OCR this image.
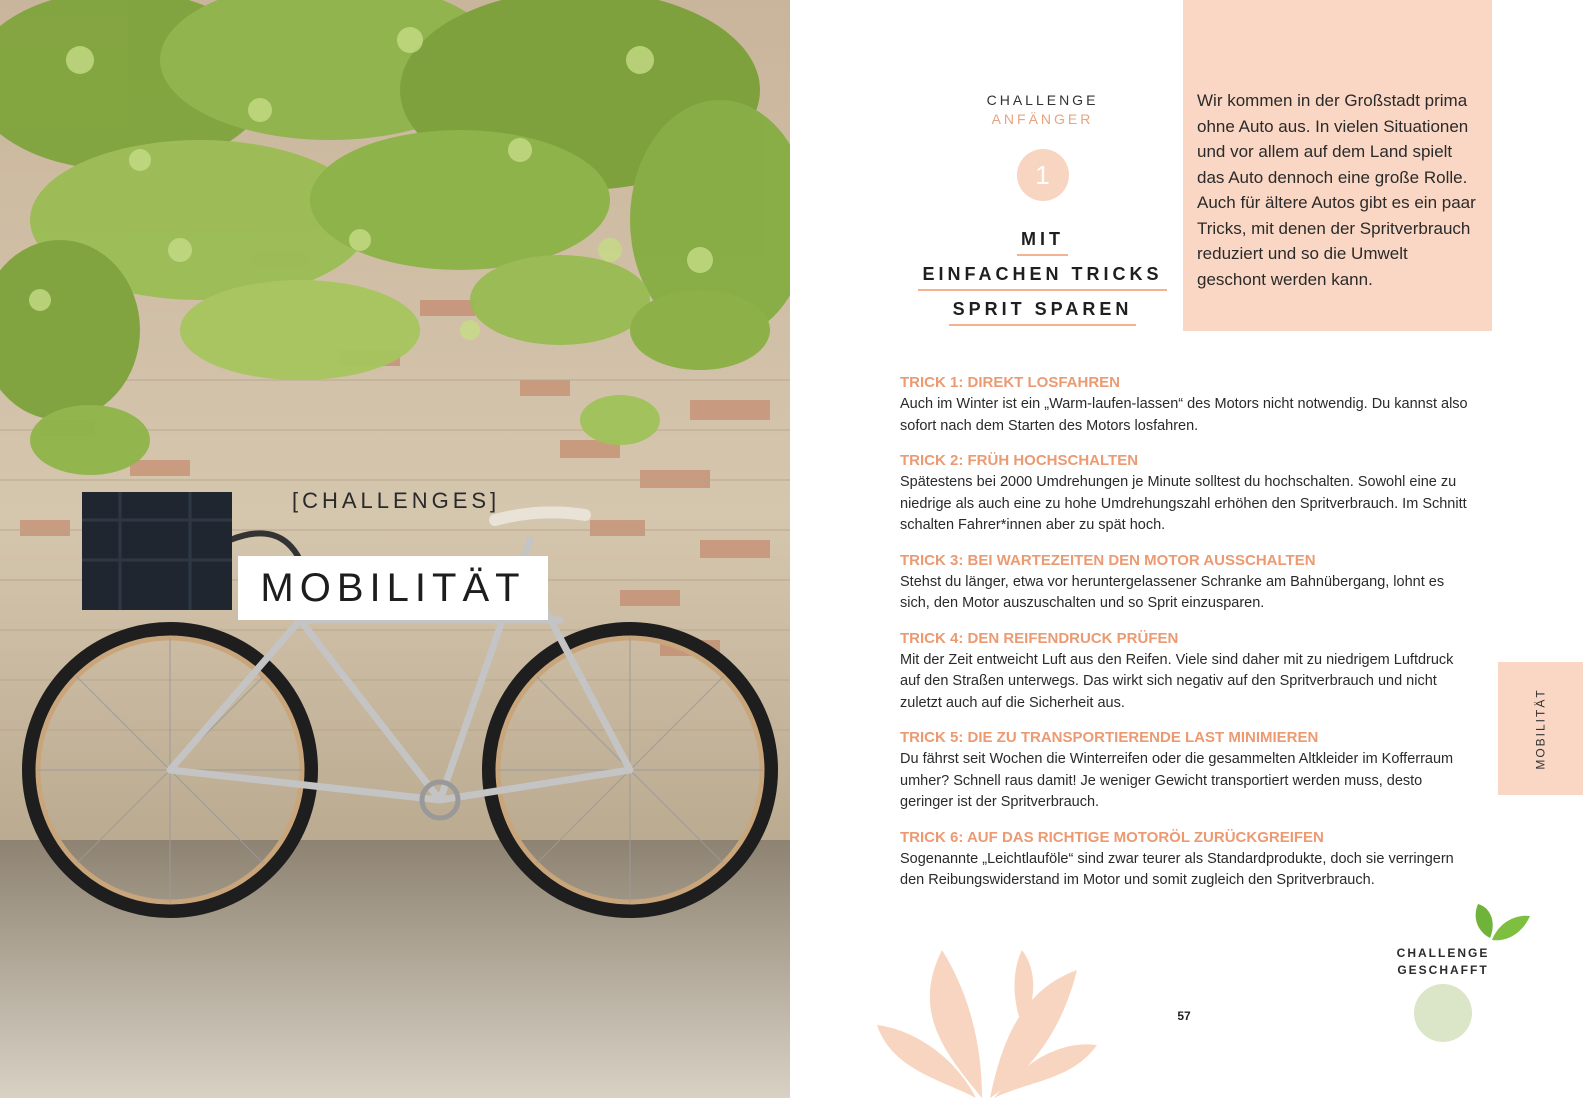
[CHALLENGES]
MOBILITÄT
CHALLENGE
ANFÄNGER
1
MIT
EINFACHEN TRICKS
SPRIT SPAREN

Wir kommen in der Großstadt prima ohne Auto aus. In vielen Situationen und vor allem auf dem Land spielt das Auto dennoch eine große Rolle. Auch für ältere Autos gibt es ein paar Tricks, mit denen der Spritverbrauch reduziert und so die Umwelt geschont werden kann.

TRICK 1: DIREKT LOSFAHREN

Auch im Winter ist ein „Warm-laufen-lassen“ des Motors nicht notwendig. Du kannst also sofort nach dem Starten des Motors losfahren.

TRICK 2: FRÜH HOCHSCHALTEN

Spätestens bei 2000 Umdrehungen je Minute solltest du hochschalten. Sowohl eine zu niedrige als auch eine zu hohe Umdrehungszahl erhöhen den Spritverbrauch. Im Schnitt schalten Fahrer*innen aber zu spät hoch.

TRICK 3: BEI WARTEZEITEN DEN MOTOR AUSSCHALTEN

Stehst du länger, etwa vor heruntergelassener Schranke am Bahnübergang, lohnt es sich, den Motor auszuschalten und so Sprit einzusparen.

TRICK 4: DEN REIFENDRUCK PRÜFEN

Mit der Zeit entweicht Luft aus den Reifen. Viele sind daher mit zu niedrigem Luftdruck auf den Straßen unterwegs. Das wirkt sich negativ auf den Spritverbrauch und nicht zuletzt auch auf die Sicherheit aus.

TRICK 5: DIE ZU TRANSPORTIERENDE LAST MINIMIEREN

Du fährst seit Wochen die Winterreifen oder die gesammelten Altkleider im Kofferraum umher? Schnell raus damit! Je weniger Gewicht transportiert werden muss, desto geringer ist der Spritverbrauch.

TRICK 6: AUF DAS RICHTIGE MOTORÖL ZURÜCKGREIFEN

Sogenannte „Leichtlauföle“ sind zwar teurer als Standardprodukte, doch sie verringern den Reibungswiderstand im Motor und somit zugleich den Spritverbrauch.

MOBILITÄT
CHALLENGE
GESCHAFFT
57
